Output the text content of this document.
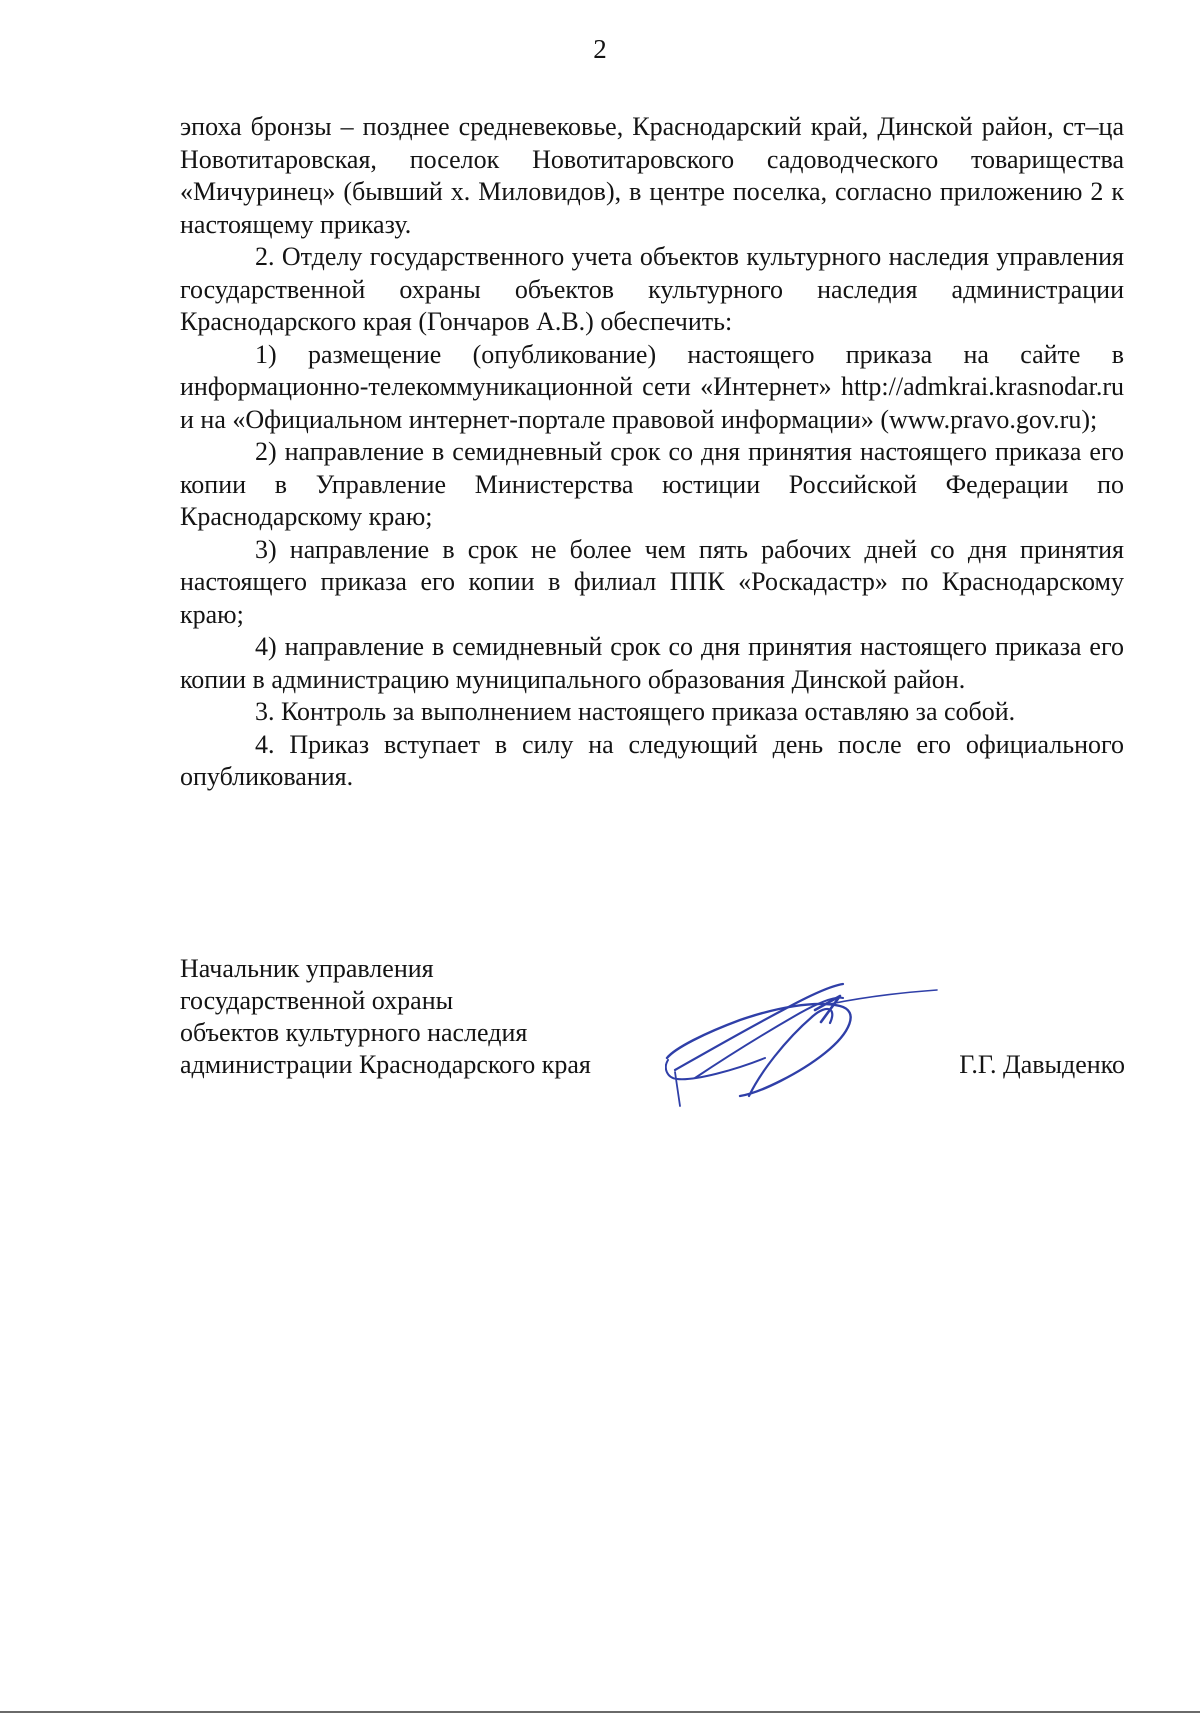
2

эпоха бронзы – позднее средневековье, Краснодарский край, Динской район, ст–ца Новотитаровская, поселок Новотитаровского садоводческого товарищества «Мичуринец» (бывший х. Миловидов), в центре поселка, согласно приложению 2 к настоящему приказу.

2. Отделу государственного учета объектов культурного наследия управления государственной охраны объектов культурного наследия администрации Краснодарского края (Гончаров А.В.) обеспечить:

1) размещение (опубликование) настоящего приказа на сайте в информационно-телекоммуникационной сети «Интернет» http://admkrai.krasnodar.ru и на «Официальном интернет-портале правовой информации» (www.pravo.gov.ru);

2) направление в семидневный срок со дня принятия настоящего приказа его копии в Управление Министерства юстиции Российской Федерации по Краснодарскому краю;

3) направление в срок не более чем пять рабочих дней со дня принятия настоящего приказа его копии в филиал ППК «Роскадастр» по Краснодарскому краю;

4) направление в семидневный срок со дня принятия настоящего приказа его копии в администрацию муниципального образования Динской район.

3. Контроль за выполнением настоящего приказа оставляю за собой.

4. Приказ вступает в силу на следующий день после его официального опубликования.

Начальник управления
государственной охраны
объектов культурного наследия
администрации Краснодарского края	Г.Г. Давыденко
